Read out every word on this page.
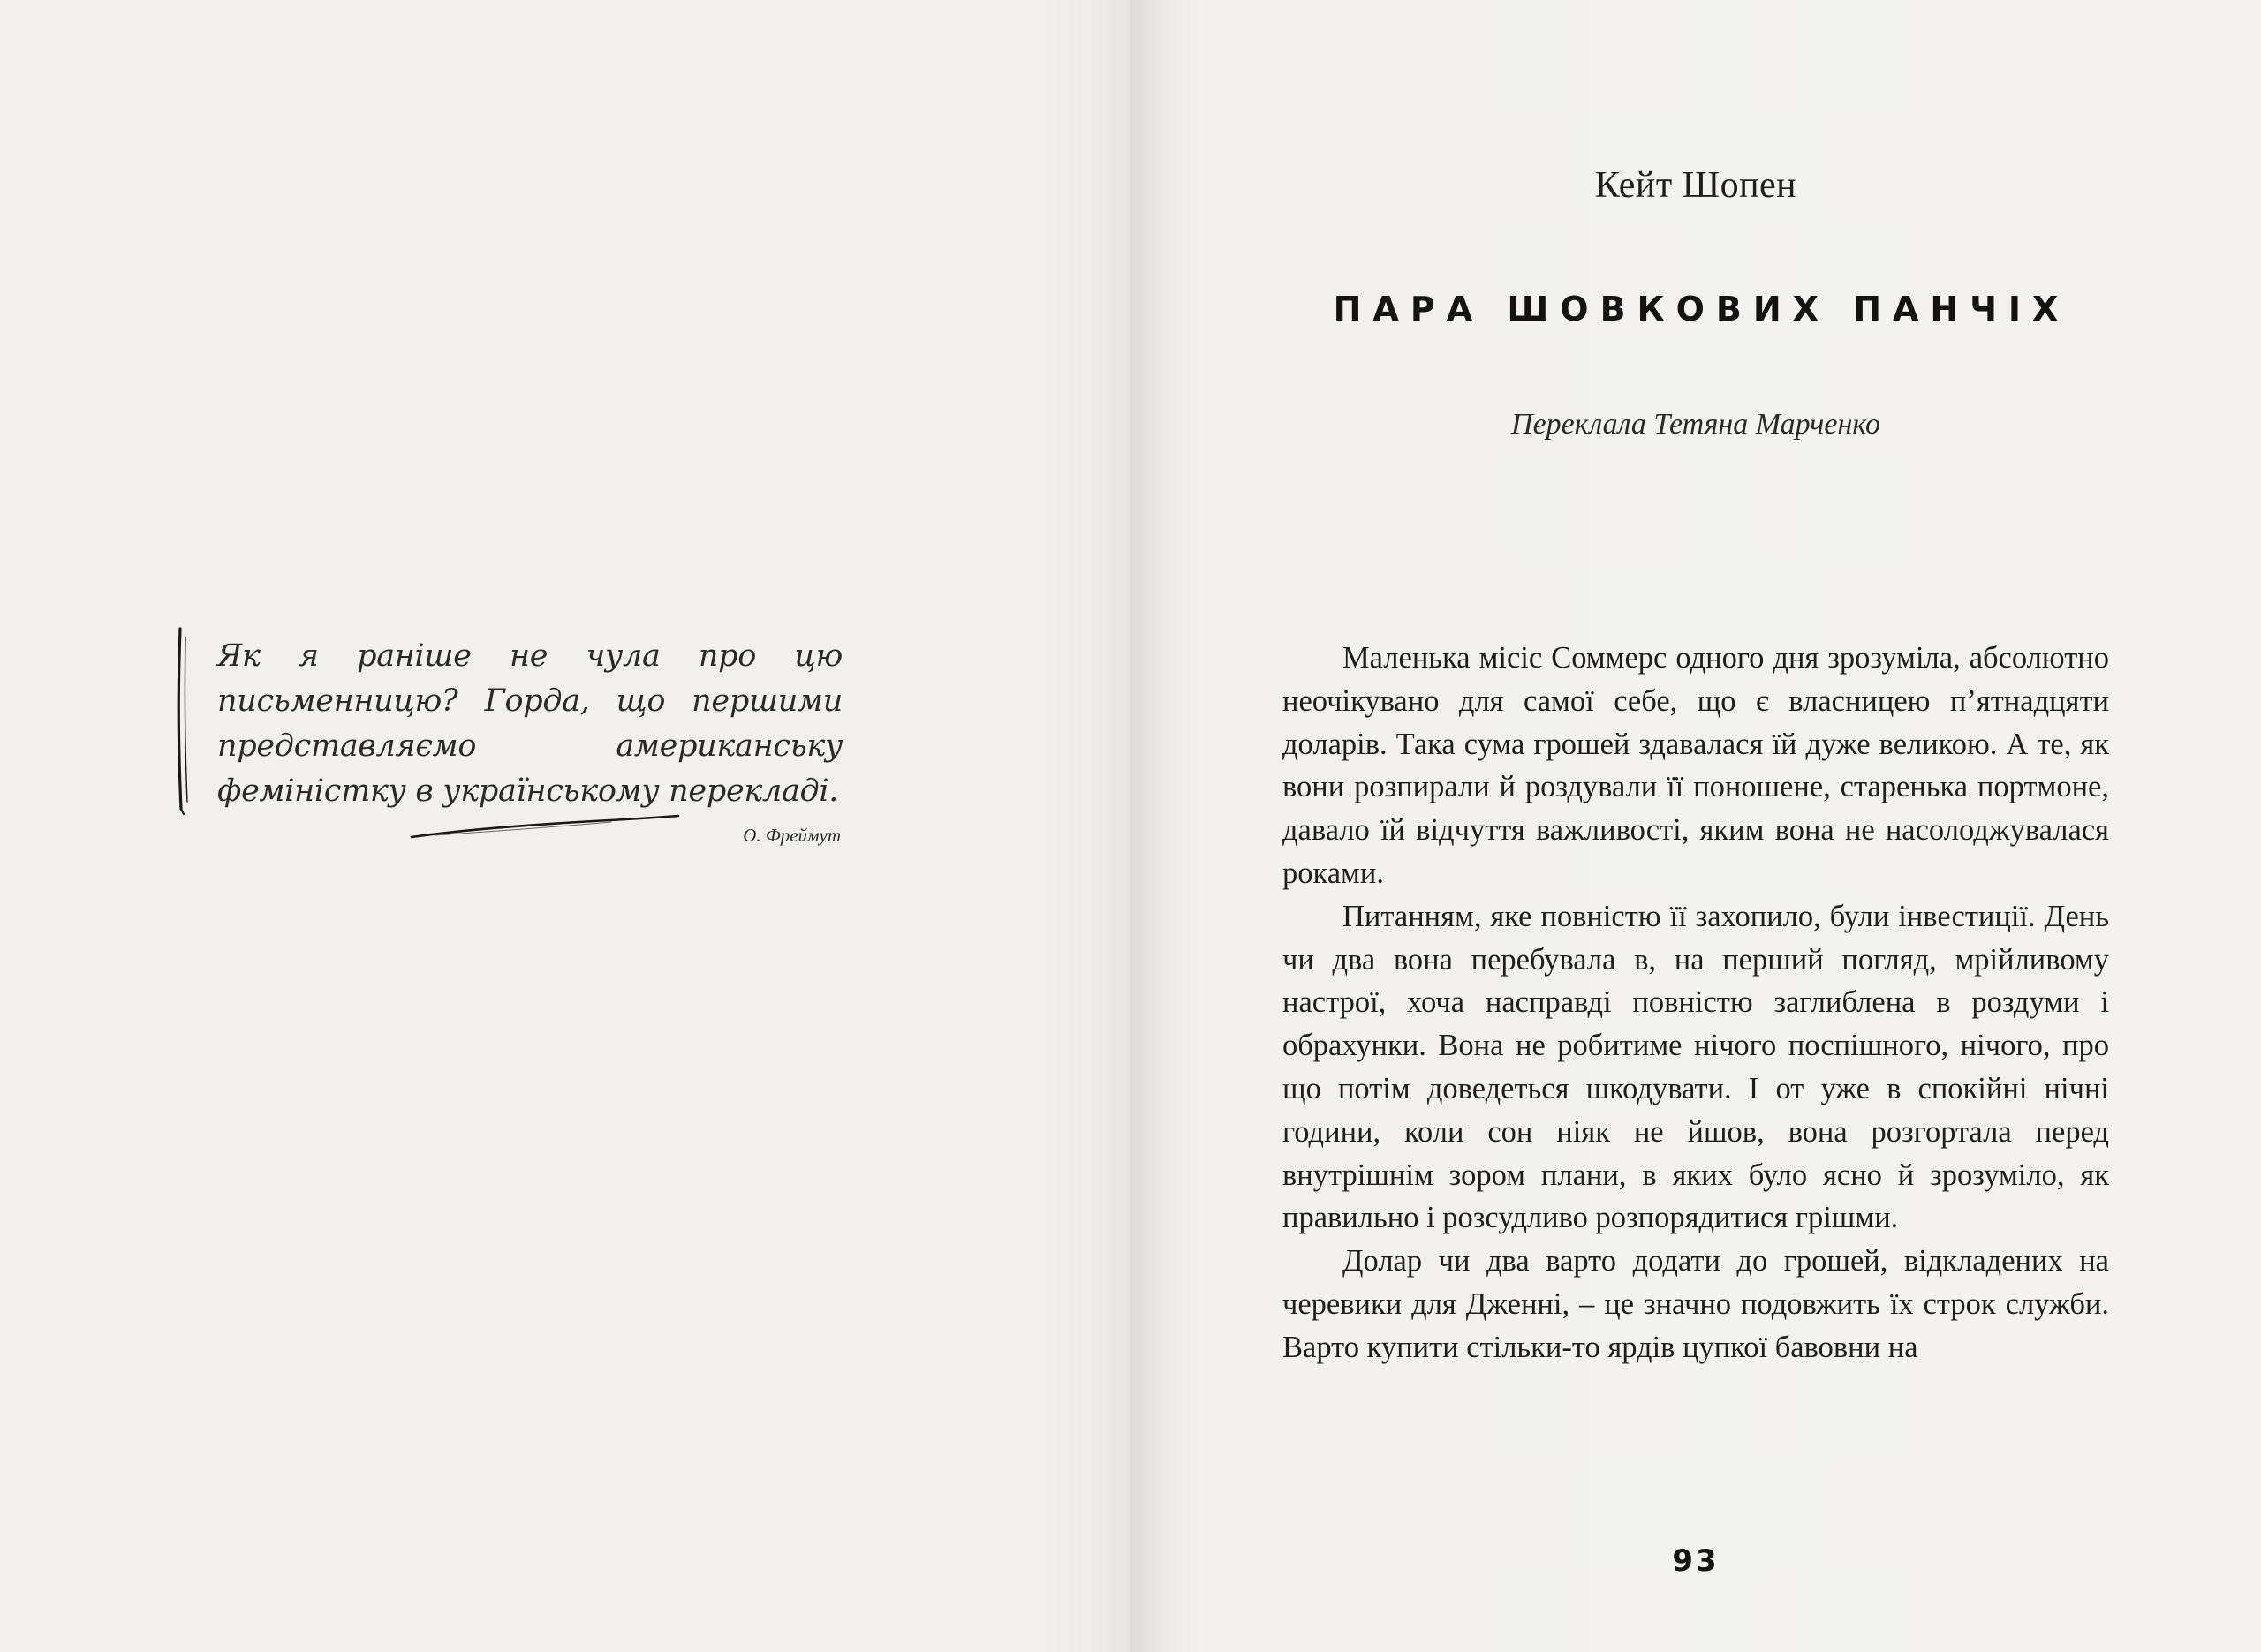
Як я раніше не чула про цю письменницю? Горда, що першими представляємо американську феміністку в українському перекладі.
О. Фреймут
Кейт Шопен
ПАРА ШОВКОВИХ ПАНЧІХ
Переклала Тетяна Марченко

Маленька місіс Соммерс одного дня зрозуміла, абсолютно неочікувано для самої себе, що є власницею п’ятнадцяти доларів. Така сума грошей здавалася їй дуже великою. А те, як вони розпирали й роздували її поношене, старенька портмоне, давало їй відчуття важливості, яким вона не насолоджувалася роками.

Питанням, яке повністю її захопило, були інвестиції. День чи два вона перебувала в, на перший погляд, мрійливому настрої, хоча насправді повністю заглиблена в роздуми і обрахунки. Вона не робитиме нічого поспішного, нічого, про що потім доведеться шкодувати. І от уже в спокійні нічні години, коли сон ніяк не йшов, вона розгортала перед внутрішнім зором плани, в яких було ясно й зрозуміло, як правильно і розсудливо розпорядитися грішми.

Долар чи два варто додати до грошей, відкладених на черевики для Дженні, – це значно подовжить їх строк служби. Варто купити стільки-то ярдів цупкої бавовни на

93
